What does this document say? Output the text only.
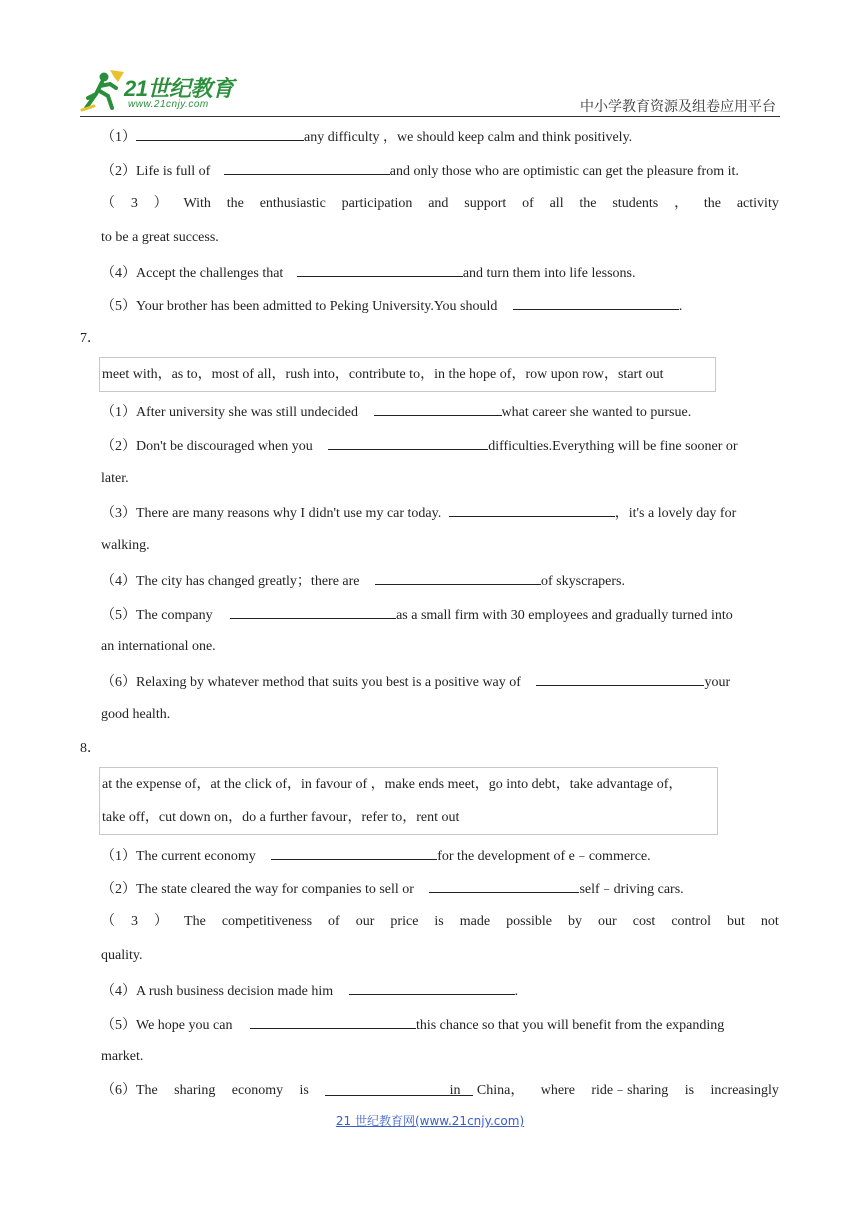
21世纪教育
www.21cnjy.com	中小学教育资源及组卷应用平台
（1）	any difficulty ，we should keep calm and think positively.
（2）Life is full of	and only those who are optimistic can get the pleasure from it.
（ 3 ） With the enthusiastic participation and support of all the students ， the activity
to be a great success.
（4）Accept the challenges that	and turn them into life lessons.
（5）Your brother has been admitted to Peking University.You should	.
7．
meet with，as to，most of all，rush into，contribute to，in the hope of，row upon row，start out
（1）After university she was still undecided	what career she wanted to pursue.
（2）Don't be discouraged when you	difficulties.Everything will be fine sooner or
later.
（3）There are many reasons why I didn't use my car today.	，it's a lovely day for
walking.
（4）The city has changed greatly；there are	of skyscrapers.
（5）The company	as a small firm with 30 employees and gradually turned into
an international one.
（6）Relaxing by whatever method that suits you best is a positive way of	your
good health.
8．
at the expense of，at the click of，in favour of ，make ends meet，go into debt，take advantage of，
take off，cut down on，do a further favour，refer to，rent out
（1）The current economy	for the development of e﹣commerce.
（2）The state cleared the way for companies to sell or	self﹣driving cars.
（ 3 ） The competitiveness of our price is made possible by our cost control but not
quality.
（4）A rush business decision made him	.
（5）We hope you can	this chance so that you will benefit from the expanding
market.
（6）The sharing economy is	in China， where ride﹣sharing is increasingly
21 世纪教育网(www.21cnjy.com)
